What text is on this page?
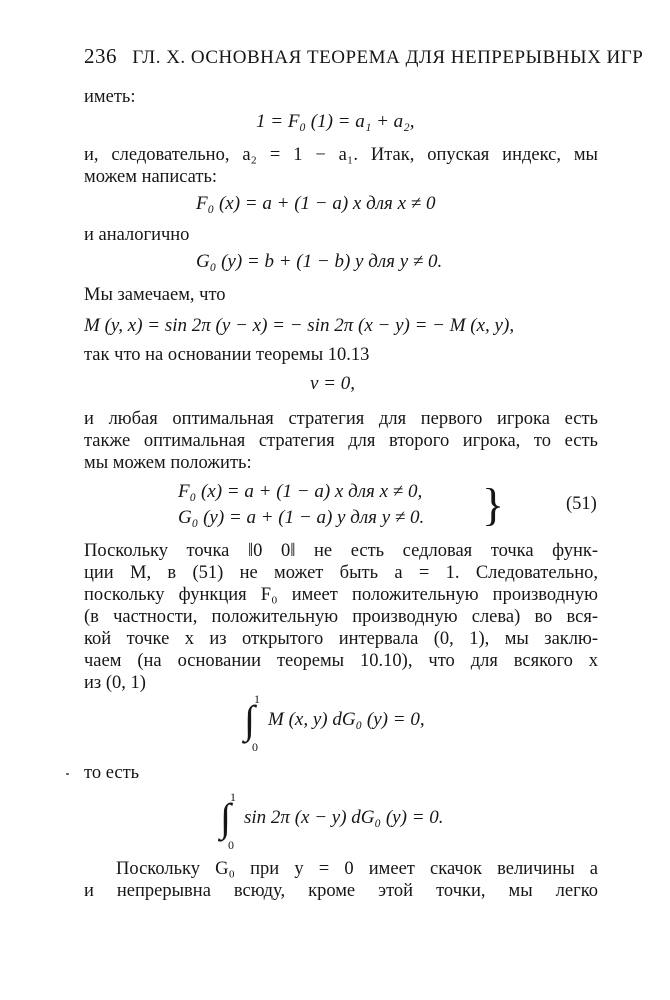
236 ГЛ. X. ОСНОВНАЯ ТЕОРЕМА ДЛЯ НЕПРЕРЫВНЫХ ИГР
иметь:
1 = F₀ (1) = a₁ + a₂,
и, следовательно, a₂ = 1 − a₁. Итак, опуская индекс, мы
можем написать:
F₀ (x) = a + (1 − a) x для x ≠ 0
и аналогично
G₀ (y) = b + (1 − b) y для y ≠ 0.
Мы замечаем, что
M (y, x) = sin 2π (y − x) = − sin 2π (x − y) = − M (x, y),
так что на основании теоремы 10.13
v = 0,
и любая оптимальная стратегия для первого игрока есть
также оптимальная стратегия для второго игрока, то есть
мы можем положить:
F₀ (x) = a + (1 − a) x для x ≠ 0,
G₀ (y) = a + (1 − a) y для y ≠ 0. }	(51)
Поскольку точка ‖0 0‖ не есть седловая точка функ-
ции M, в (51) не может быть a = 1. Следовательно,
поскольку функция F₀ имеет положительную производную
(в частности, положительную производную слева) во вся-
кой точке x из открытого интервала (0, 1), мы заклю-
чаем (на основании теоремы 10.10), что для всякого x
из (0, 1)
1
∫
0
M (x, y) dG₀ (y) = 0,
то есть
1
∫
0
sin 2π (x − y) dG₀ (y) = 0.
Поскольку G₀ при y = 0 имеет скачок величины a
и непрерывна всюду, кроме этой точки, мы легко
